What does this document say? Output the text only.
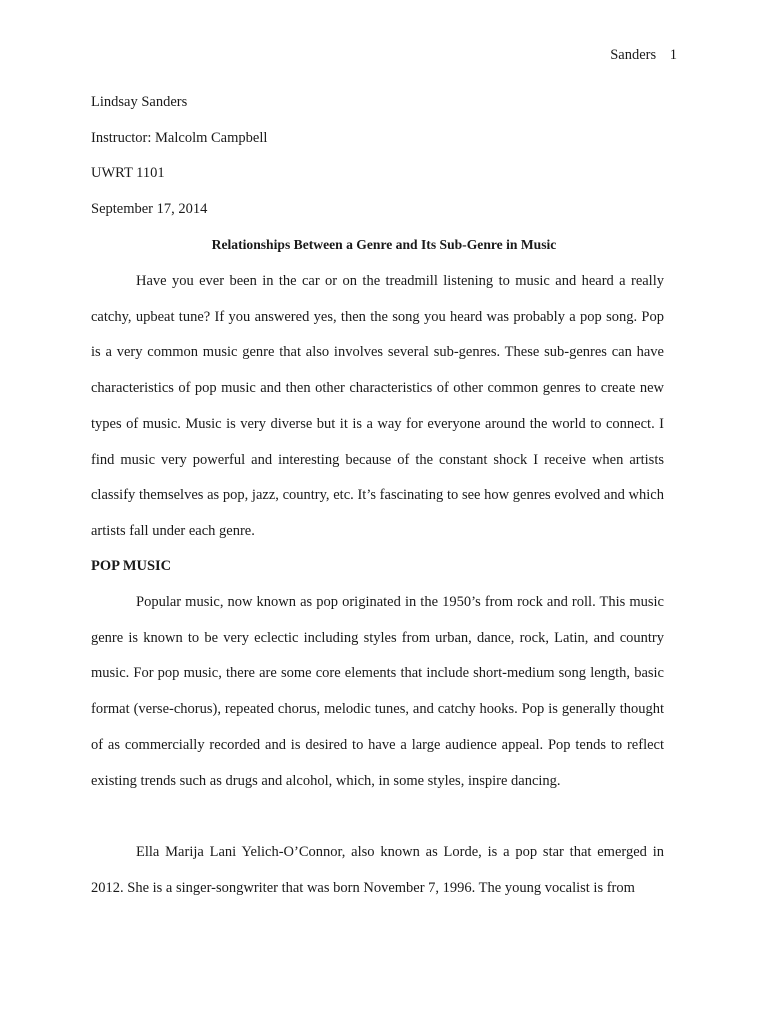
Sanders 1
Lindsay Sanders
Instructor: Malcolm Campbell
UWRT 1101
September 17, 2014
Relationships Between a Genre and Its Sub-Genre in Music

Have you ever been in the car or on the treadmill listening to music and heard a really catchy, upbeat tune? If you answered yes, then the song you heard was probably a pop song. Pop is a very common music genre that also involves several sub-genres. These sub-genres can have characteristics of pop music and then other characteristics of other common genres to create new types of music. Music is very diverse but it is a way for everyone around the world to connect. I find music very powerful and interesting because of the constant shock I receive when artists classify themselves as pop, jazz, country, etc. It’s fascinating to see how genres evolved and which artists fall under each genre.

POP MUSIC

Popular music, now known as pop originated in the 1950’s from rock and roll. This music genre is known to be very eclectic including styles from urban, dance, rock, Latin, and country music. For pop music, there are some core elements that include short-medium song length, basic format (verse-chorus), repeated chorus, melodic tunes, and catchy hooks. Pop is generally thought of as commercially recorded and is desired to have a large audience appeal. Pop tends to reflect existing trends such as drugs and alcohol, which, in some styles, inspire dancing.

Ella Marija Lani Yelich-O’Connor, also known as Lorde, is a pop star that emerged in 2012. She is a singer-songwriter that was born November 7, 1996. The young vocalist is from
